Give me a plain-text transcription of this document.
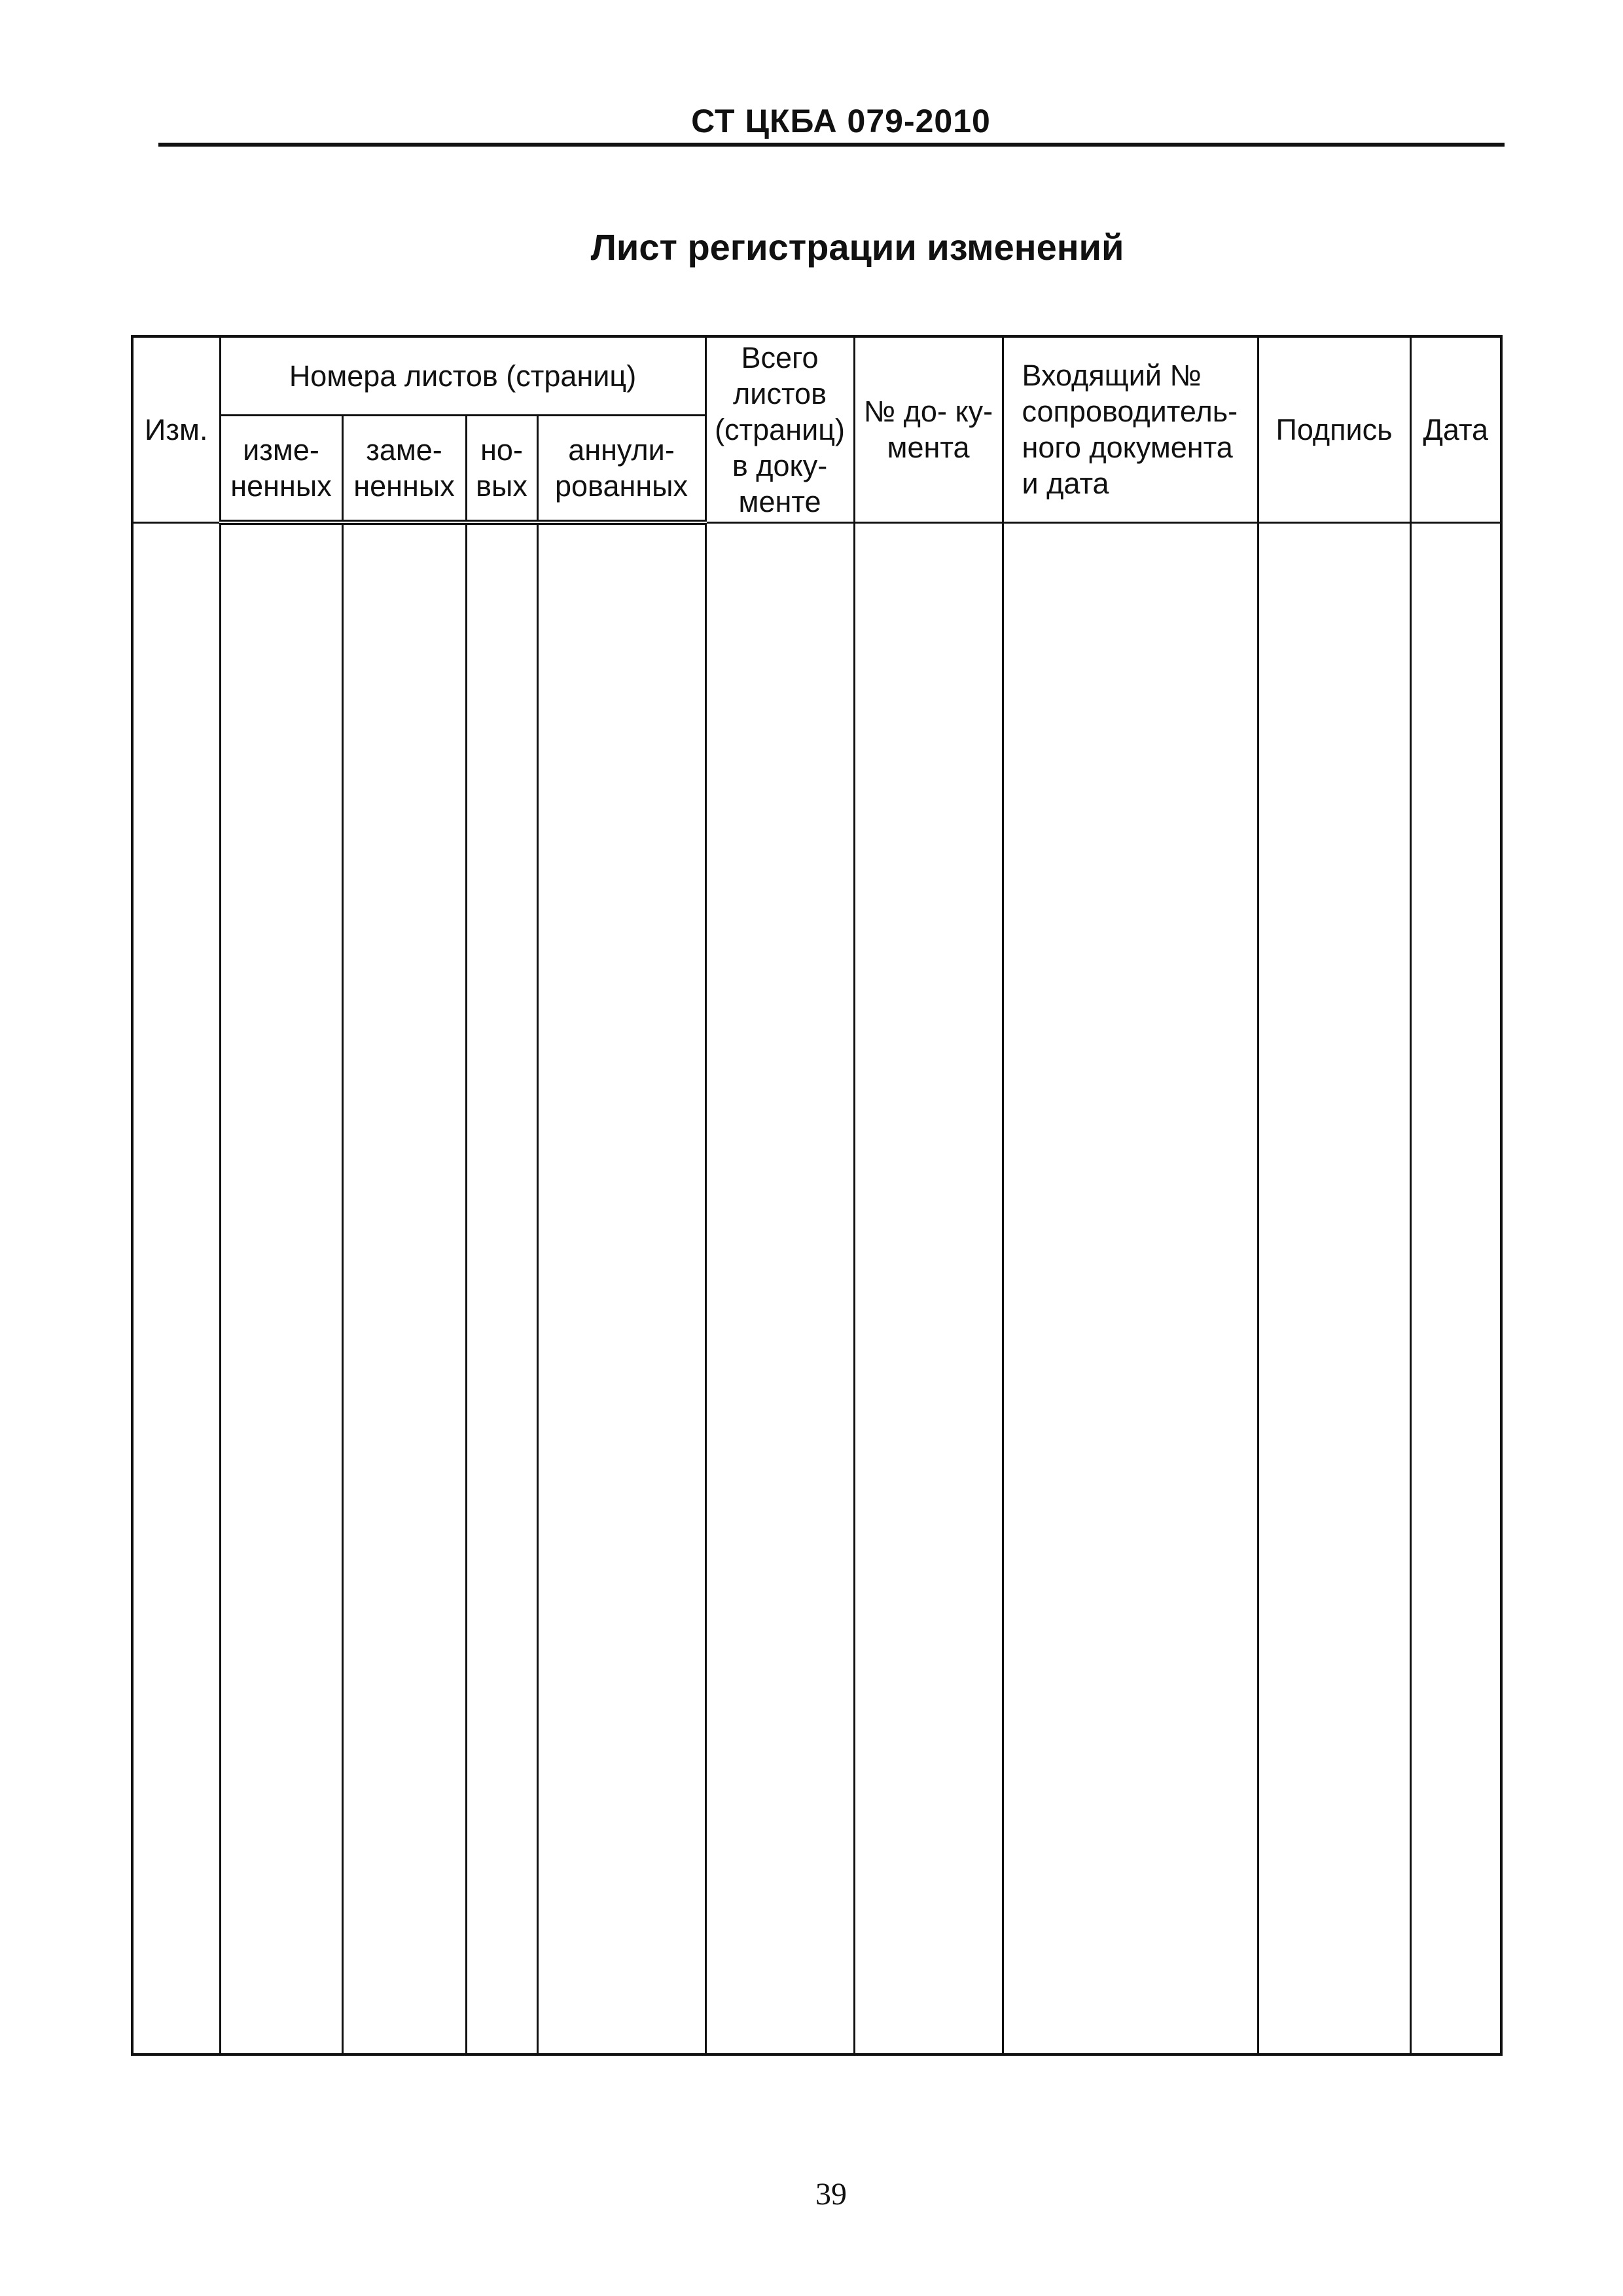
СТ ЦКБА 079-2010
Лист регистрации изменений
Изм.	Номера листов (страниц)				Всего листов (страниц) в доку- менте	№ до- ку- мента	Входящий № сопроводитель- ного документа и дата	Подпись	Дата
	изме- ненных	заме- ненных	но- вых	аннули- рованных					

39
